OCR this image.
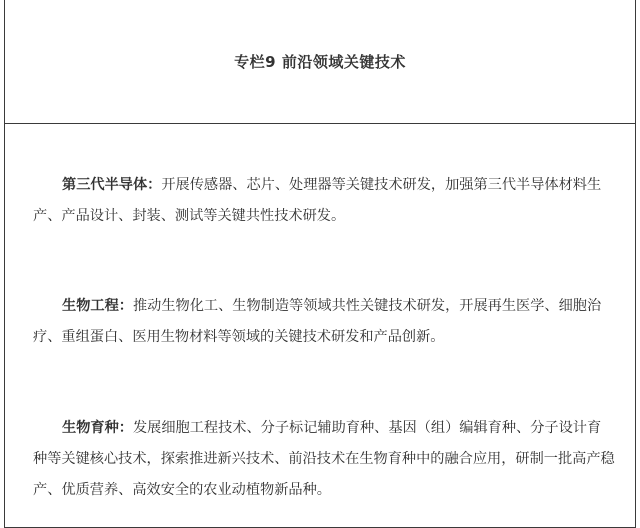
专栏9 前沿领域关键技术

第三代半导体：开展传感器、芯片、处理器等关键技术研发，加强第三代半导体材料生产、产品设计、封装、测试等关键共性技术研发。

生物工程：推动生物化工、生物制造等领域共性关键技术研发，开展再生医学、细胞治疗、重组蛋白、医用生物材料等领域的关键技术研发和产品创新。

生物育种：发展细胞工程技术、分子标记辅助育种、基因（组）编辑育种、分子设计育种等关键核心技术，探索推进新兴技术、前沿技术在生物育种中的融合应用，研制一批高产稳产、优质营养、高效安全的农业动植物新品种。
